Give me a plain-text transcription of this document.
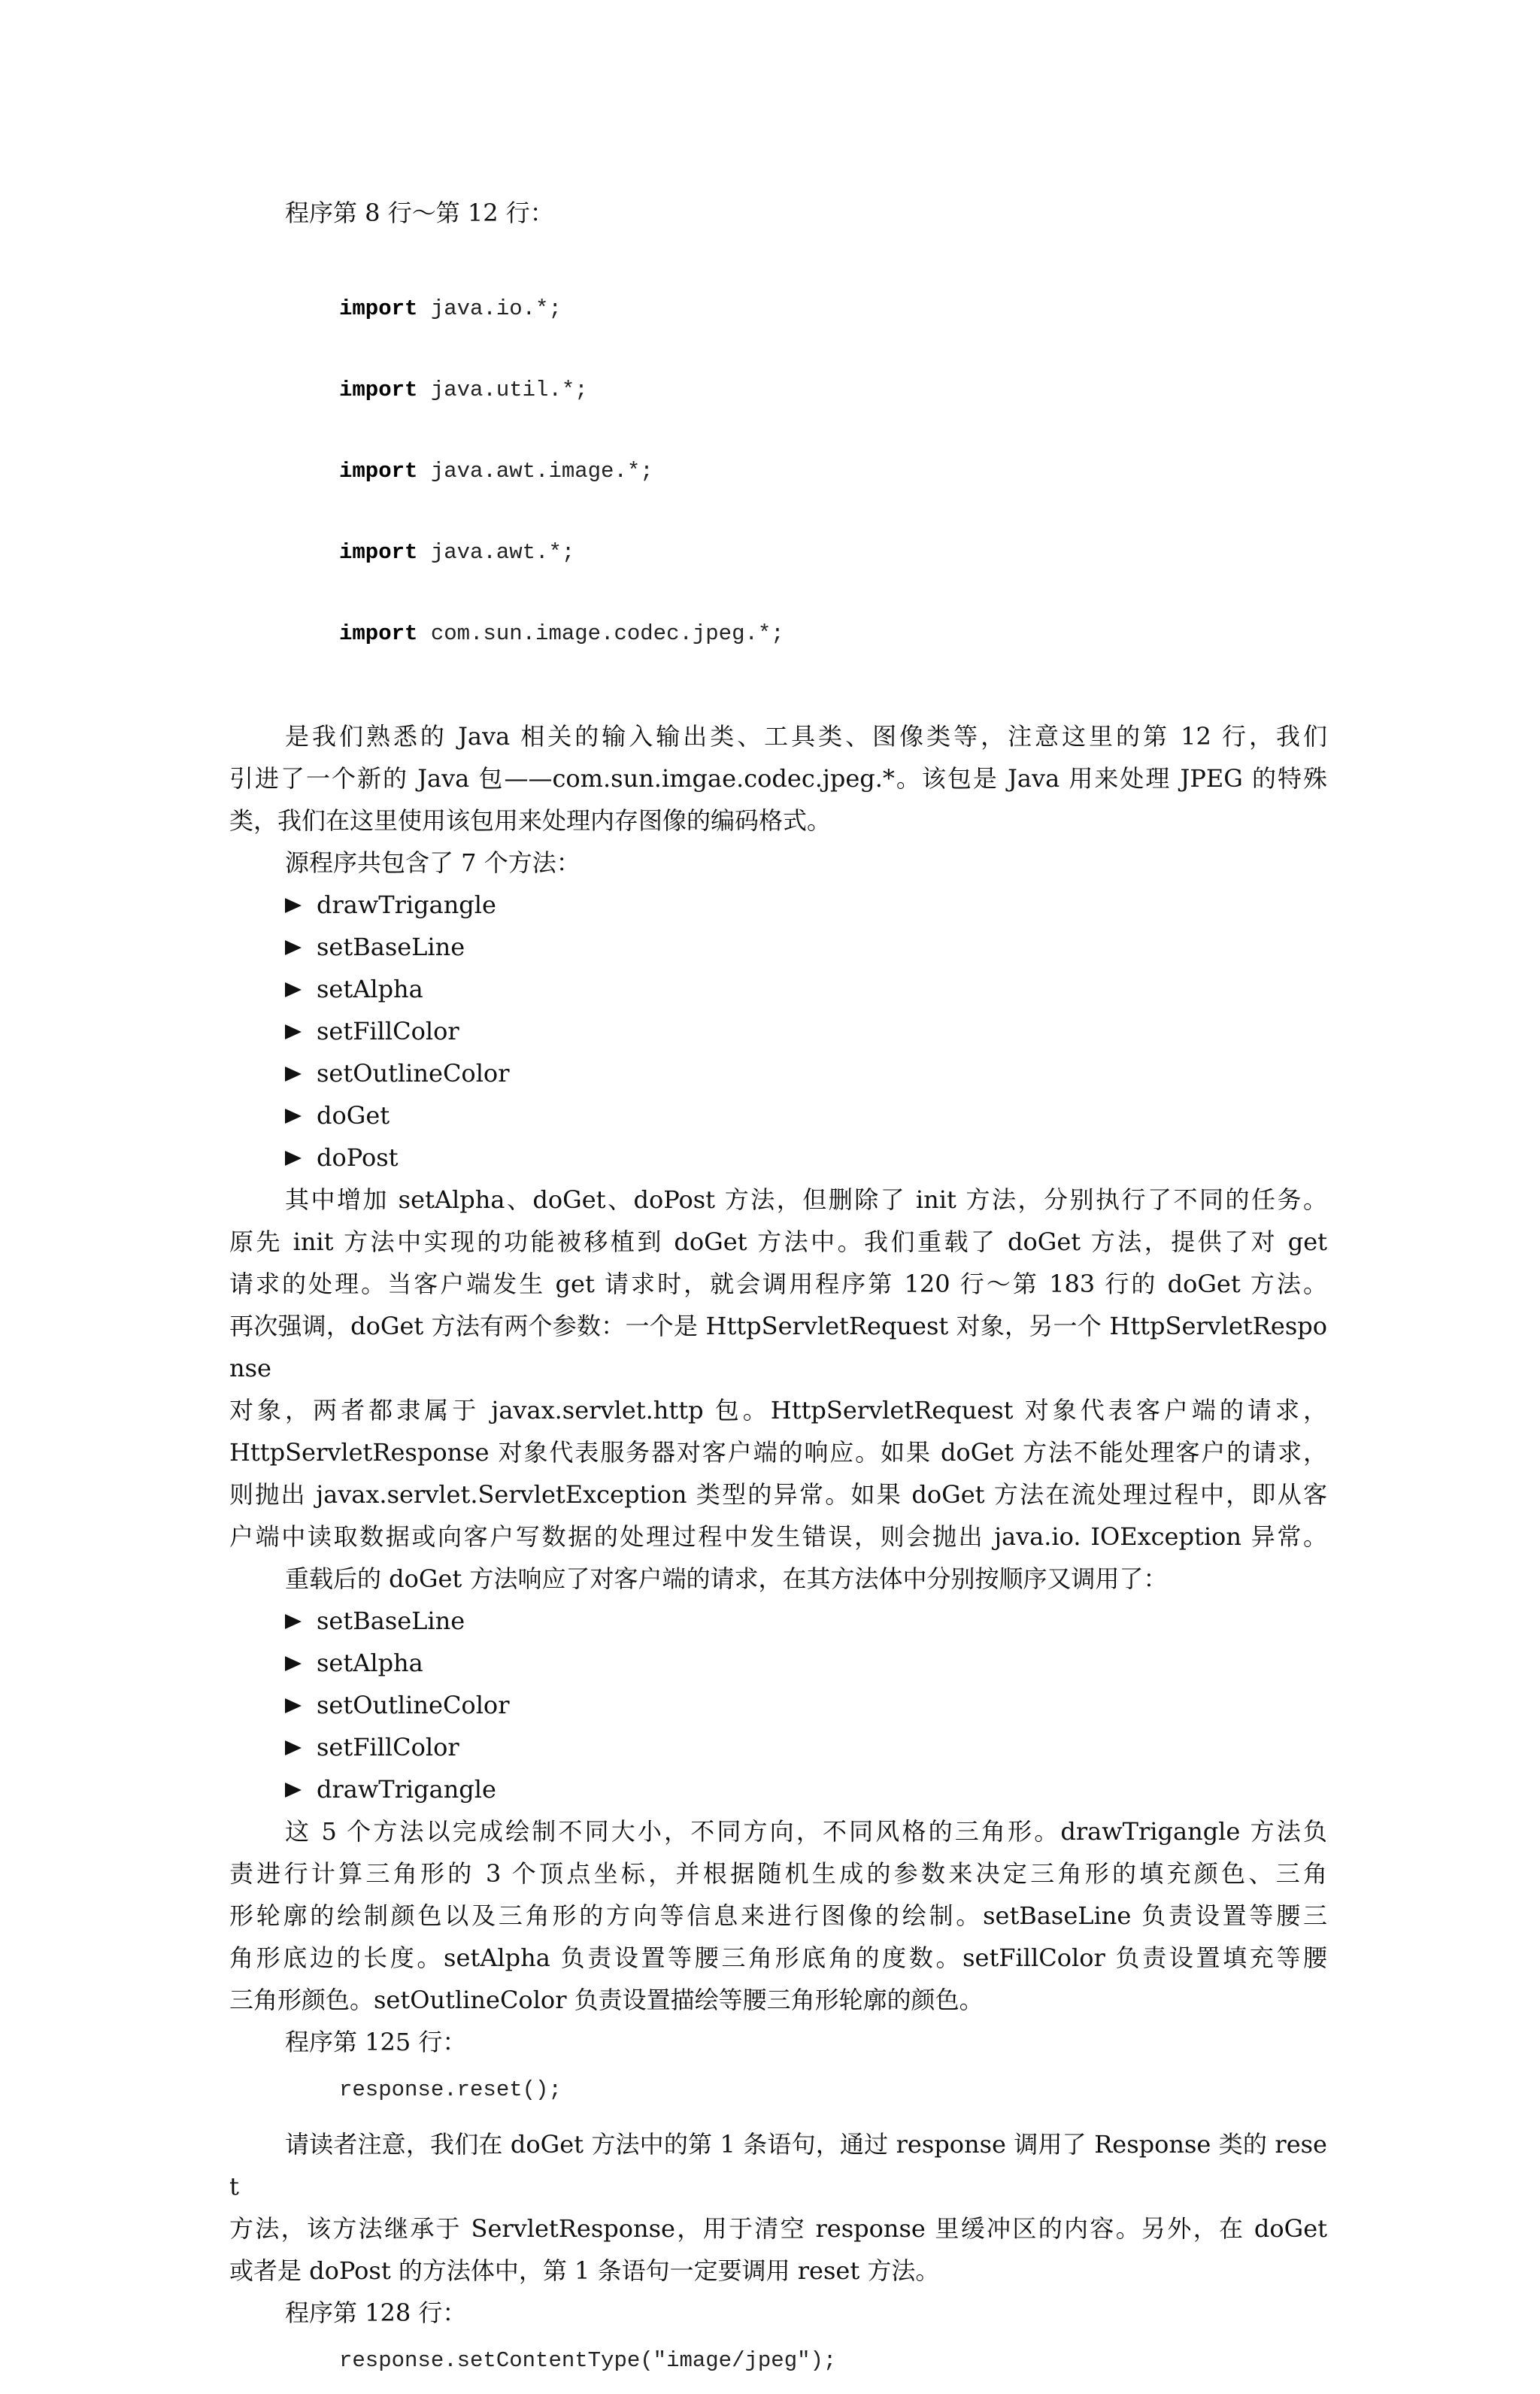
程序第 8 行～第 12 行：

import java.io.*;

import java.util.*;

import java.awt.image.*;

import java.awt.*;

import com.sun.image.codec.jpeg.*;

是我们熟悉的 Java 相关的输入输出类、工具类、图像类等，注意这里的第 12 行，我们

引进了一个新的 Java 包——com.sun.imgae.codec.jpeg.*。该包是 Java 用来处理 JPEG 的特殊

类，我们在这里使用该包用来处理内存图像的编码格式。

源程序共包含了 7 个方法：

drawTrigangle
setBaseLine
setAlpha
setFillColor
setOutlineColor
doGet
doPost

其中增加 setAlpha、doGet、doPost 方法，但删除了 init 方法，分别执行了不同的任务。

原先 init 方法中实现的功能被移植到 doGet 方法中。我们重载了 doGet 方法，提供了对 get

请求的处理。当客户端发生 get 请求时，就会调用程序第 120 行～第 183 行的 doGet 方法。

再次强调，doGet 方法有两个参数：一个是 HttpServletRequest 对象，另一个 HttpServletResponse

对象，两者都隶属于 javax.servlet.http 包。HttpServletRequest 对象代表客户端的请求，

HttpServletResponse 对象代表服务器对客户端的响应。如果 doGet 方法不能处理客户的请求，

则抛出 javax.servlet.ServletException 类型的异常。如果 doGet 方法在流处理过程中，即从客

户端中读取数据或向客户写数据的处理过程中发生错误，则会抛出 java.io. IOException 异常。

重载后的 doGet 方法响应了对客户端的请求，在其方法体中分别按顺序又调用了：

setBaseLine
setAlpha
setOutlineColor
setFillColor
drawTrigangle

这 5 个方法以完成绘制不同大小，不同方向，不同风格的三角形。drawTrigangle 方法负

责进行计算三角形的 3 个顶点坐标，并根据随机生成的参数来决定三角形的填充颜色、三角

形轮廓的绘制颜色以及三角形的方向等信息来进行图像的绘制。setBaseLine 负责设置等腰三

角形底边的长度。setAlpha 负责设置等腰三角形底角的度数。setFillColor 负责设置填充等腰

三角形颜色。setOutlineColor 负责设置描绘等腰三角形轮廓的颜色。

程序第 125 行：

response.reset();

请读者注意，我们在 doGet 方法中的第 1 条语句，通过 response 调用了 Response 类的 reset

方法，该方法继承于 ServletResponse，用于清空 response 里缓冲区的内容。另外，在 doGet

或者是 doPost 的方法体中，第 1 条语句一定要调用 reset 方法。

程序第 128 行：

response.setContentType("image/jpeg");
